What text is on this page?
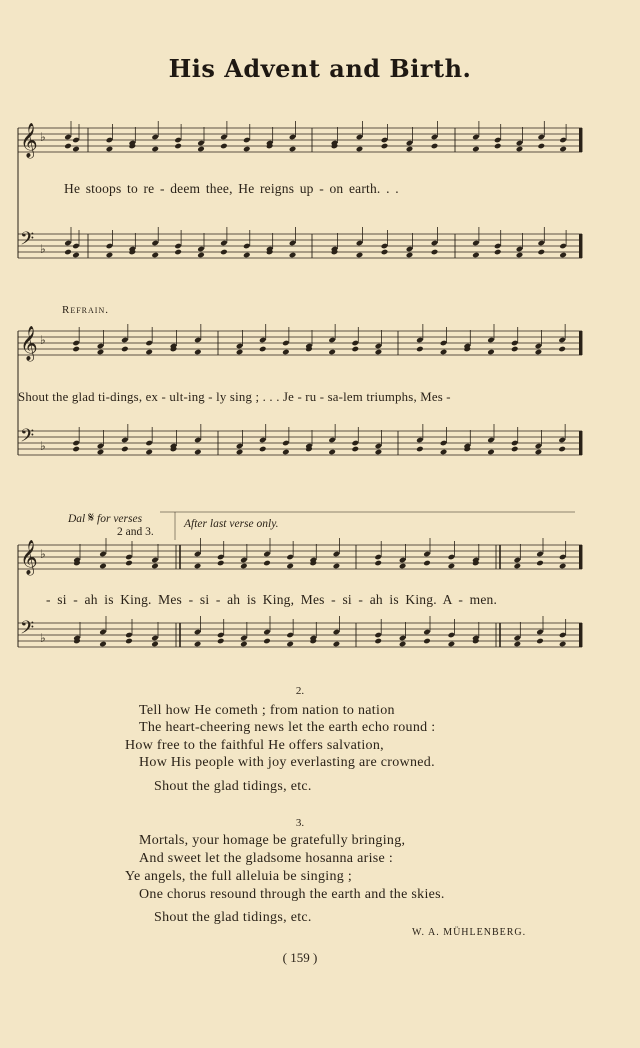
His Advent and Birth.
𝄞 ♭
𝄢 ♭
𝄞 ♭
𝄢 ♭
𝄞 ♭
𝄢 ♭
He stoops to re - deem thee, He reigns up - on earth. . .
Refrain.
Shout the glad ti-dings, ex - ult-ing - ly sing ; . . . Je - ru - sa-lem triumphs, Mes -
Dal 𝄋 for verses
2 and 3.
After last verse only.
- si - ah is King. Mes - si - ah is King, Mes - si - ah is King. A - men.
2.
Tell how He cometh ; from nation to nation
The heart-cheering news let the earth echo round :
How free to the faithful He offers salvation,
How His people with joy everlasting are crowned.
Shout the glad tidings, etc.
3.
Mortals, your homage be gratefully bringing,
And sweet let the gladsome hosanna arise :
Ye angels, the full alleluia be singing ;
One chorus resound through the earth and the skies.
Shout the glad tidings, etc.
W. A. MÜHLENBERG.
( 159 )
